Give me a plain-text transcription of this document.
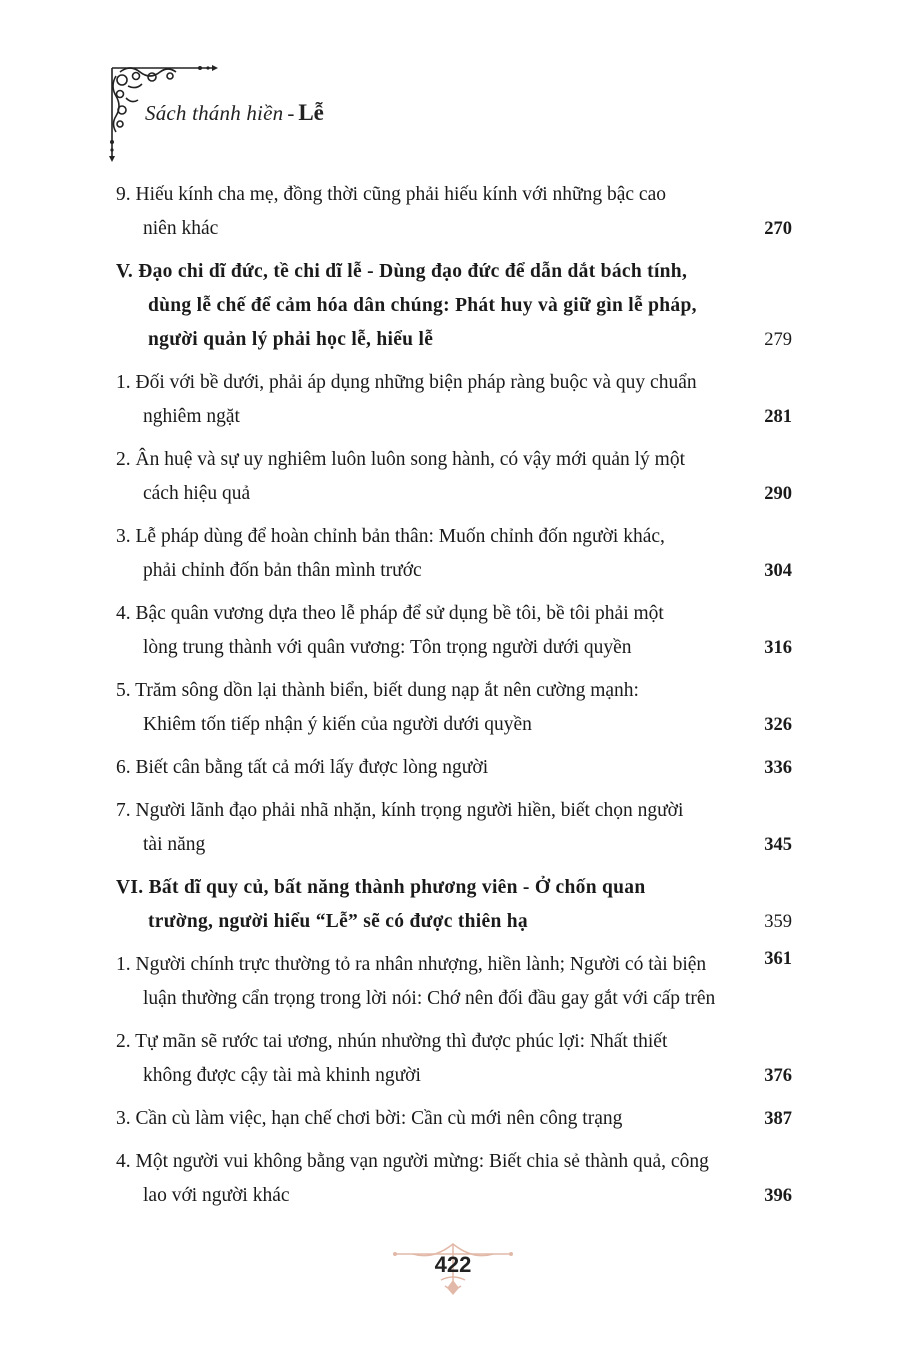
Sách thánh hiền - Lễ
9. Hiếu kính cha mẹ, đồng thời cũng phải hiếu kính với những bậc cao
niên khác	270
V. Đạo chi dĩ đức, tề chi dĩ lễ - Dùng đạo đức để dẫn dắt bách tính,
dùng lễ chế để cảm hóa dân chúng: Phát huy và giữ gìn lễ pháp,
người quản lý phải học lễ, hiểu lễ	279
1. Đối với bề dưới, phải áp dụng những biện pháp ràng buộc và quy chuẩn
nghiêm ngặt	281
2. Ân huệ và sự uy nghiêm luôn luôn song hành, có vậy mới quản lý một
cách hiệu quả	290
3. Lễ pháp dùng để hoàn chỉnh bản thân: Muốn chỉnh đốn người khác,
phải chỉnh đốn bản thân mình trước	304
4. Bậc quân vương dựa theo lễ pháp để sử dụng bề tôi, bề tôi phải một
lòng trung thành với quân vương: Tôn trọng người dưới quyền	316
5. Trăm sông dồn lại thành biển, biết dung nạp ắt nên cường mạnh:
Khiêm tốn tiếp nhận ý kiến của người dưới quyền	326
6. Biết cân bằng tất cả mới lấy được lòng người	336
7. Người lãnh đạo phải nhã nhặn, kính trọng người hiền, biết chọn người
tài năng	345
VI. Bất dĩ quy củ, bất năng thành phương viên - Ở chốn quan
trường, người hiểu “Lễ” sẽ có được thiên hạ	359
1. Người chính trực thường tỏ ra nhân nhượng, hiền lành; Người có tài biện
luận thường cẩn trọng trong lời nói: Chớ nên đối đầu gay gắt với cấp trên
361
2. Tự mãn sẽ rước tai ương, nhún nhường thì được phúc lợi: Nhất thiết
không được cậy tài mà khinh người	376
3. Cần cù làm việc, hạn chế chơi bời: Cần cù mới nên công trạng	387
4. Một người vui không bằng vạn người mừng: Biết chia sẻ thành quả, công
lao với người khác	396
422
